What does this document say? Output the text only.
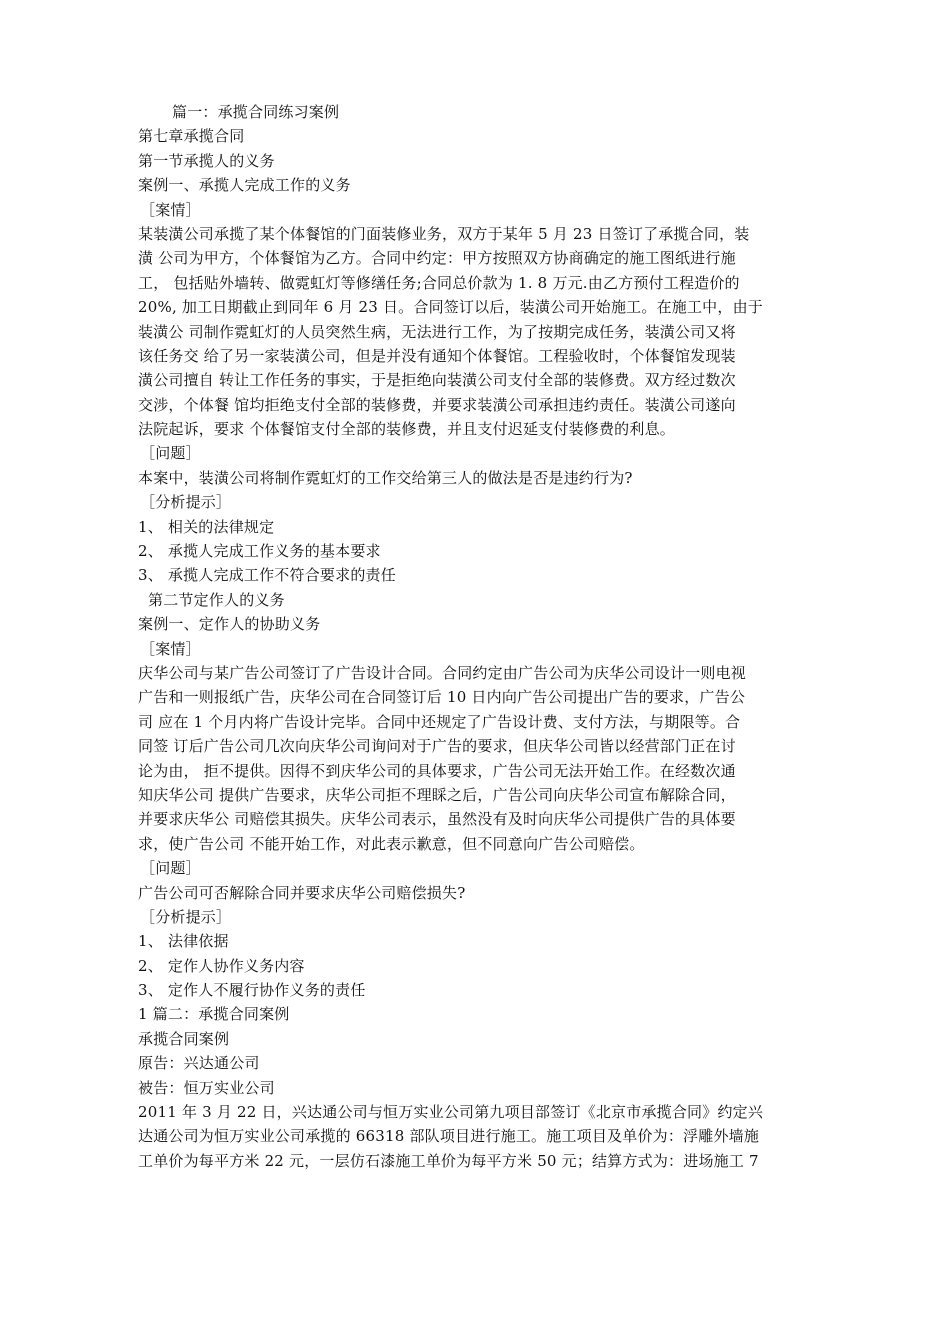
篇一：承揽合同练习案例
第七章承揽合同
第一节承揽人的义务
案例一、承揽人完成工作的义务
［案情］
某装潢公司承揽了某个体餐馆的门面装修业务，双方于某年 5 月 23 日签订了承揽合同，装
潢 公司为甲方，个体餐馆为乙方。合同中约定：甲方按照双方协商确定的施工图纸进行施
工， 包括贴外墙转、做霓虹灯等修缮任务;合同总价款为 1. 8 万元.由乙方预付工程造价的
20%, 加工日期截止到同年 6 月 23 日。合同签订以后，装潢公司开始施工。在施工中，由于
装潢公 司制作霓虹灯的人员突然生病，无法进行工作，为了按期完成任务，装潢公司又将
该任务交 给了另一家装潢公司，但是并没有通知个体餐馆。工程验收时，个体餐馆发现装
潢公司擅自 转让工作任务的事实，于是拒绝向装潢公司支付全部的装修费。双方经过数次
交涉，个体餐 馆均拒绝支付全部的装修费，并要求装潢公司承担违约责任。装潢公司遂向
法院起诉，要求 个体餐馆支付全部的装修费，并且支付迟延支付装修费的利息。
［问题］
本案中，装潢公司将制作霓虹灯的工作交给第三人的做法是否是违约行为?
［分析提示］
1、 相关的法律规定
2、 承揽人完成工作义务的基本要求
3、 承揽人完成工作不符合要求的责任
第二节定作人的义务
案例一、定作人的协助义务
［案情］
庆华公司与某广告公司签订了广告设计合同。合同约定由广告公司为庆华公司设计一则电视
广告和一则报纸广告，庆华公司在合同签订后 10 日内向广告公司提出广告的要求，广告公
司 应在 1 个月内将广告设计完毕。合同中还规定了广告设计费、支付方法，与期限等。合
同签 订后广告公司几次向庆华公司询问对于广告的要求，但庆华公司皆以经营部门正在讨
论为由， 拒不提供。因得不到庆华公司的具体要求，广告公司无法开始工作。在经数次通
知庆华公司 提供广告要求，庆华公司拒不理睬之后，广告公司向庆华公司宣布解除合同，
并要求庆华公 司赔偿其损失。庆华公司表示，虽然没有及时向庆华公司提供广告的具体要
求，使广告公司 不能开始工作，对此表示歉意，但不同意向广告公司赔偿。
［问题］
广告公司可否解除合同并要求庆华公司赔偿损失?
［分析提示］
1、 法律依据
2、 定作人协作义务内容
3、 定作人不履行协作义务的责任
1 篇二：承揽合同案例
承揽合同案例
原告：兴达通公司
被告：恒万实业公司
2011 年 3 月 22 日，兴达通公司与恒万实业公司第九项目部签订《北京市承揽合同》约定兴
达通公司为恒万实业公司承揽的 66318 部队项目进行施工。施工项目及单价为：浮雕外墙施
工单价为每平方米 22 元，一层仿石漆施工单价为每平方米 50 元；结算方式为：进场施工 7
